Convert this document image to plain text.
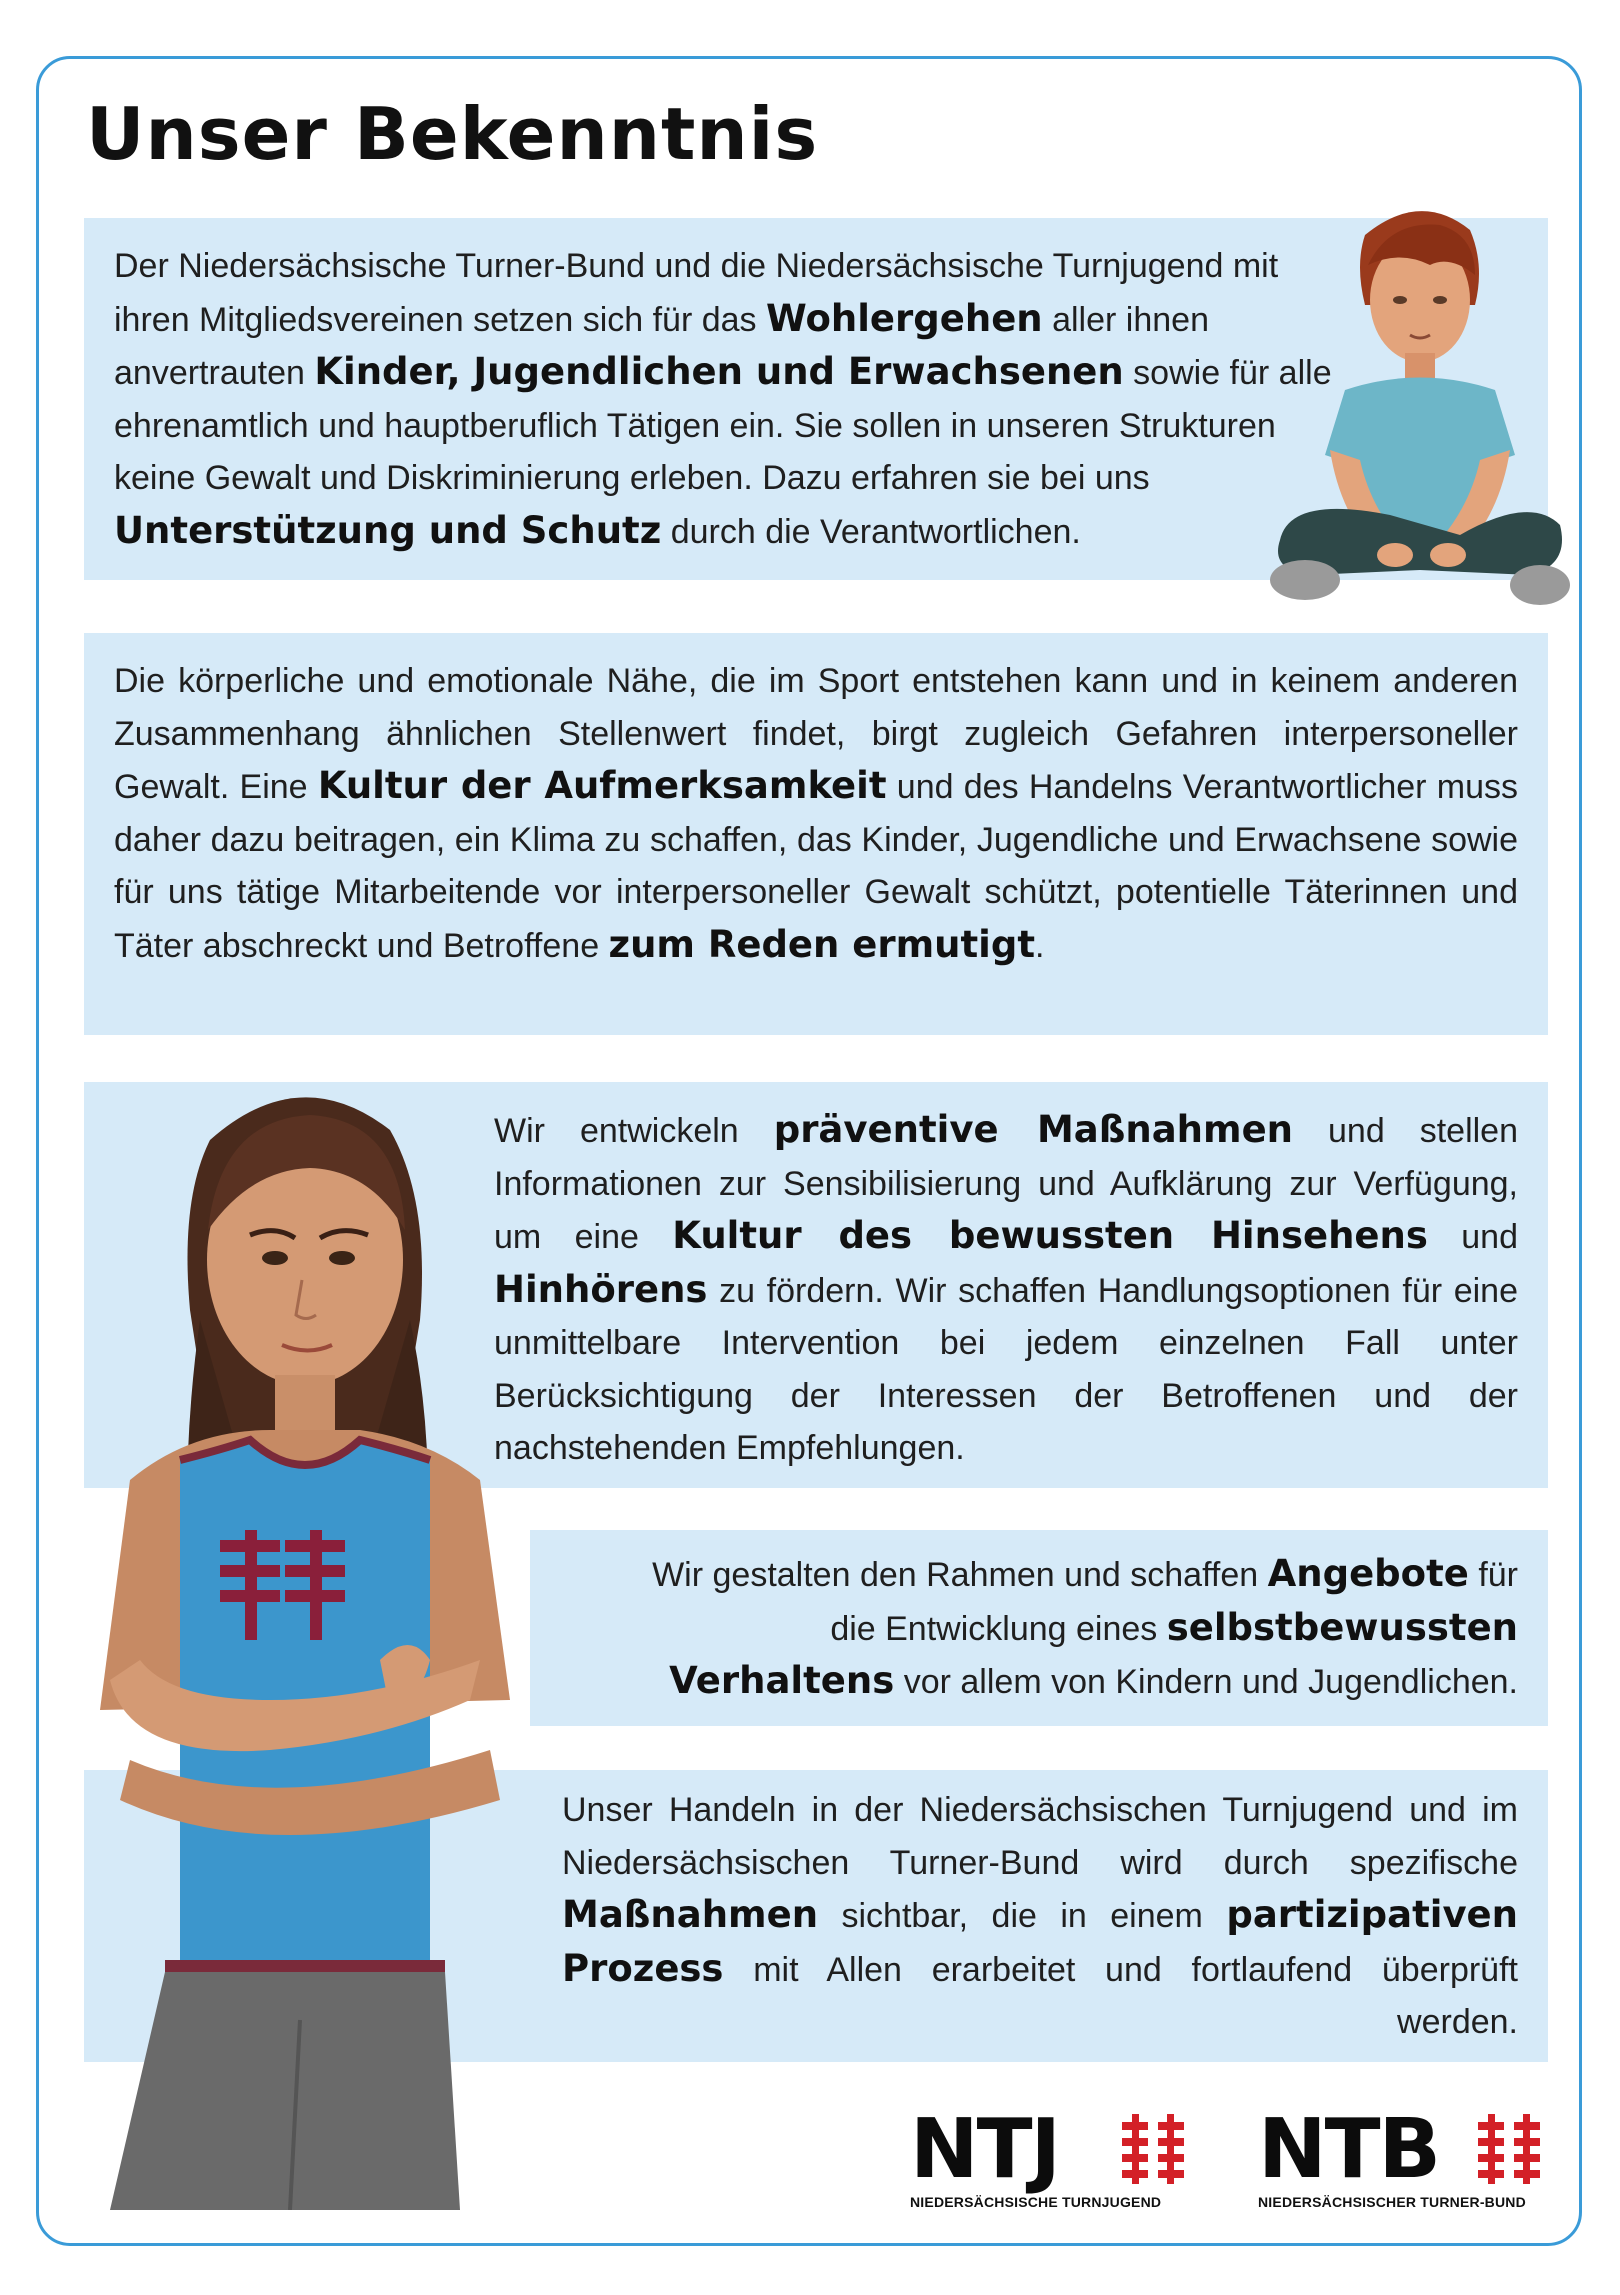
Unser Bekenntnis

Der Niedersächsische Turner-Bund und die Niedersächsische Turnjugend mit ihren Mitgliedsvereinen setzen sich für das Wohlergehen aller ihnen anvertrauten Kinder, Jugendlichen und Erwachsenen sowie für alle ehrenamtlich und hauptberuflich Tätigen ein. Sie sollen in unseren Strukturen keine Gewalt und Diskriminierung erleben. Dazu erfahren sie bei uns Unterstützung und Schutz durch die Verantwortlichen.

Die körperliche und emotionale Nähe, die im Sport entstehen kann und in keinem anderen Zusammenhang ähnlichen Stellenwert findet, birgt zugleich Gefahren interpersoneller Gewalt. Eine Kultur der Aufmerksamkeit und des Handelns Verantwortlicher muss daher dazu beitragen, ein Klima zu schaffen, das Kinder, Jugendliche und Erwachsene sowie für uns tätige Mitarbeitende vor interpersoneller Gewalt schützt, potentielle Täterinnen und Täter abschreckt und Betroffene zum Reden ermutigt.

Wir entwickeln präventive Maßnahmen und stellen Informationen zur Sensibilisierung und Aufklärung zur Verfügung, um eine Kultur des bewussten Hinsehens und Hinhörens zu fördern. Wir schaffen Handlungsoptionen für eine unmittelbare Intervention bei jedem einzelnen Fall unter Berücksichtigung der Interessen der Betroffenen und der nachstehenden Empfehlungen.

Wir gestalten den Rahmen und schaffen Angebote für die Entwicklung eines selbstbewussten Verhaltens vor allem von Kindern und Jugendlichen.

Unser Handeln in der Niedersächsischen Turnjugend und im Niedersächsischen Turner-Bund wird durch spezifische Maßnahmen sichtbar, die in einem partizipativen Prozess mit Allen erarbeitet und fortlaufend überprüft werden.

NTJ
NIEDERSÄCHSISCHE TURNJUGEND
NTB
NIEDERSÄCHSISCHER TURNER-BUND
